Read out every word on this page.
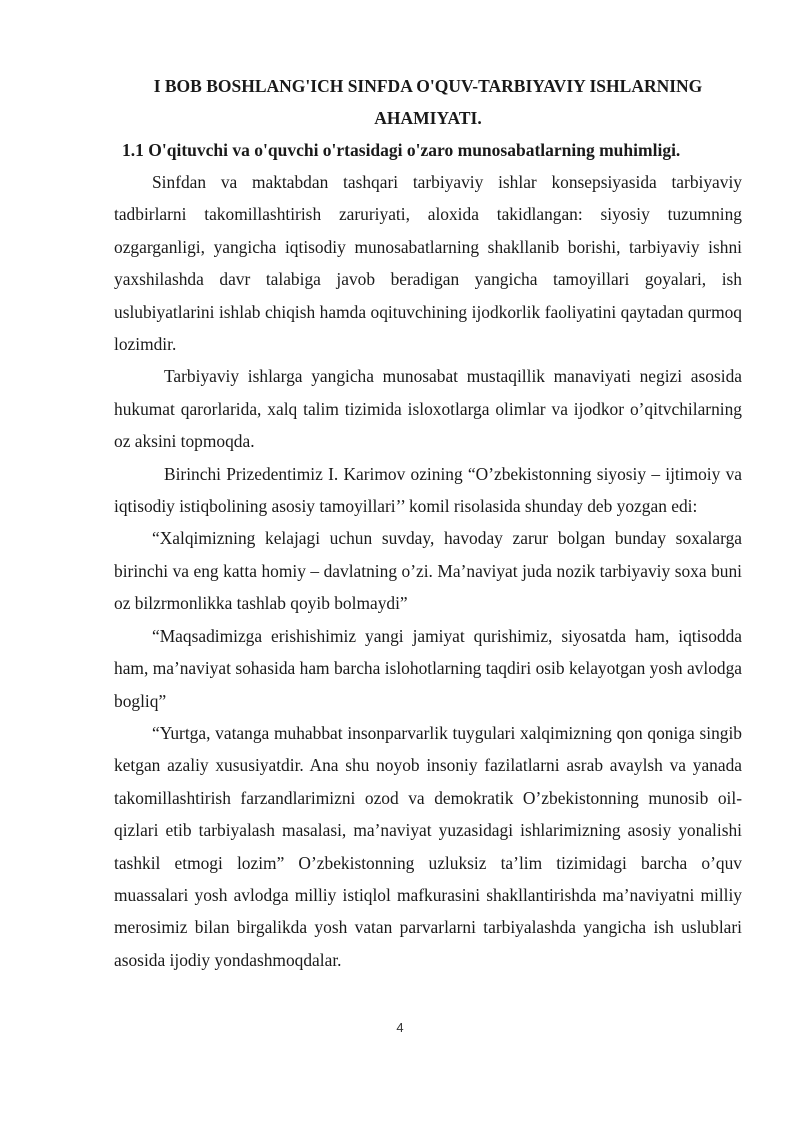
I BOB BOSHLANG'ICH SINFDA O'QUV-TARBIYAVIY ISHLARNING AHAMIYATI.
1.1 O'qituvchi va o'quvchi o'rtasidagi o'zaro munosabatlarning muhimligi.

Sinfdan va maktabdan tashqari tarbiyaviy ishlar konsepsiyasida tarbiyaviy tadbirlarni takomillashtirish zaruriyati, aloxida takidlangan: siyosiy tuzumning ozgarganligi, yangicha iqtisodiy munosabatlarning shakllanib borishi, tarbiyaviy ishni yaxshilashda davr talabiga javob beradigan yangicha tamoyillari goyalari, ish uslubiyatlarini ishlab chiqish hamda oqituvchining ijodkorlik faoliyatini qaytadan qurmoq lozimdir.

Tarbiyaviy ishlarga yangicha munosabat mustaqillik manaviyati negizi asosida hukumat qarorlarida, xalq talim tizimida isloxotlarga olimlar va ijodkor o’qitvchilarning oz aksini topmoqda.

Birinchi Prizedentimiz I. Karimov ozining “O’zbekistonning siyosiy – ijtimoiy va iqtisodiy istiqbolining asosiy tamoyillari’’ komil risolasida shunday deb yozgan edi:

“Xalqimizning kelajagi uchun suvday, havoday zarur bolgan bunday soxalarga birinchi va eng katta homiy – davlatning o’zi. Ma’naviyat juda nozik tarbiyaviy soxa buni oz bilzrmonlikka tashlab qoyib bolmaydi”

“Maqsadimizga erishishimiz yangi jamiyat qurishimiz, siyosatda ham, iqtisodda ham, ma’naviyat sohasida ham barcha islohotlarning taqdiri osib kelayotgan yosh avlodga bogliq”

“Yurtga, vatanga muhabbat insonparvarlik tuygulari xalqimizning qon qoniga singib ketgan azaliy xususiyatdir. Ana shu noyob insoniy fazilatlarni asrab avaylsh va yanada takomillashtirish farzandlarimizni ozod va demokratik O’zbekistonning munosib oil-qizlari etib tarbiyalash masalasi, ma’naviyat yuzasidagi ishlarimizning asosiy yonalishi tashkil etmogi lozim” O’zbekistonning uzluksiz ta’lim tizimidagi barcha o’quv muassalari yosh avlodga milliy istiqlol mafkurasini shakllantirishda ma’naviyatni milliy merosimiz bilan birgalikda yosh vatan parvarlarni tarbiyalashda yangicha ish uslublari asosida ijodiy yondashmoqdalar.

4
